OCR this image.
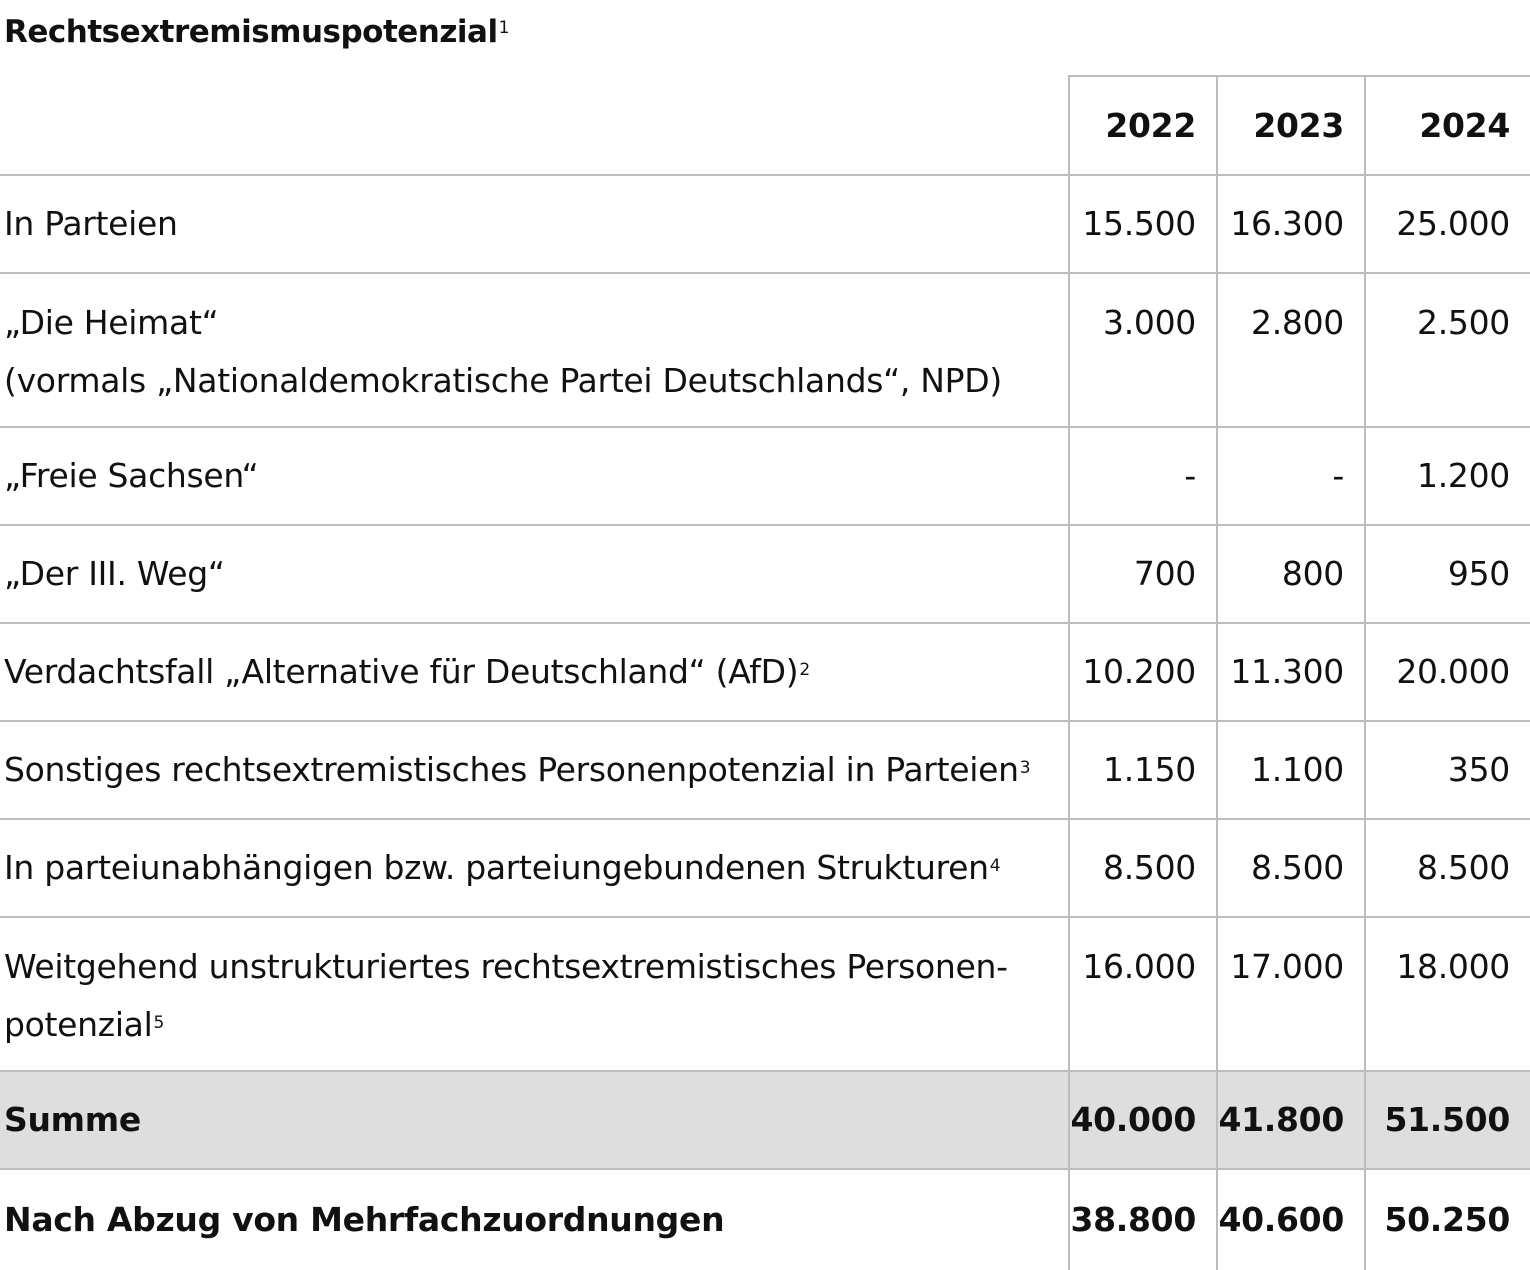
Rechtsextremismuspotenzial$^1$
	2022	2023	2024
In Parteien	15.500	16.300	25.000
„Die Heimat“
(vormals „Nationaldemokratische Partei Deutschlands“, NPD)	3.000	2.800	2.500
„Freie Sachsen“	-	-	1.200
„Der III. Weg“	700	800	950
Verdachtsfall „Alternative für Deutschland“ (AfD)$^2$	10.200	11.300	20.000
Sonstiges rechtsextremistisches Personenpotenzial in Parteien$^3$	1.150	1.100	350
In parteiunabhängigen bzw. parteiungebundenen Strukturen$^4$	8.500	8.500	8.500
Weitgehend unstrukturiertes rechtsextremistisches Personen-
potenzial$^5$	16.000	17.000	18.000
Summe	40.000	41.800	51.500
Nach Abzug von Mehrfachzuordnungen	38.800	40.600	50.250
